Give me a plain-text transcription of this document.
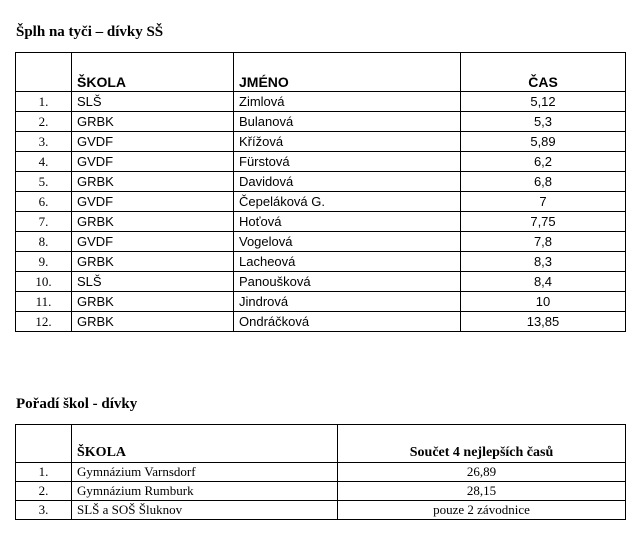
Šplh na tyči – dívky SŠ
	ŠKOLA	JMÉNO	ČAS
1.	SLŠ	Zimlová	5,12
2.	GRBK	Bulanová	5,3
3.	GVDF	Křížová	5,89
4.	GVDF	Fürstová	6,2
5.	GRBK	Davidová	6,8
6.	GVDF	Čepeláková G.	7
7.	GRBK	Hoťová	7,75
8.	GVDF	Vogelová	7,8
9.	GRBK	Lacheová	8,3
10.	SLŠ	Panoušková	8,4
11.	GRBK	Jindrová	10
12.	GRBK	Ondráčková	13,85
Pořadí škol - dívky
	ŠKOLA	Součet 4 nejlepších časů
1.	Gymnázium Varnsdorf	26,89
2.	Gymnázium Rumburk	28,15
3.	SLŠ a SOŠ Šluknov	pouze 2 závodnice
